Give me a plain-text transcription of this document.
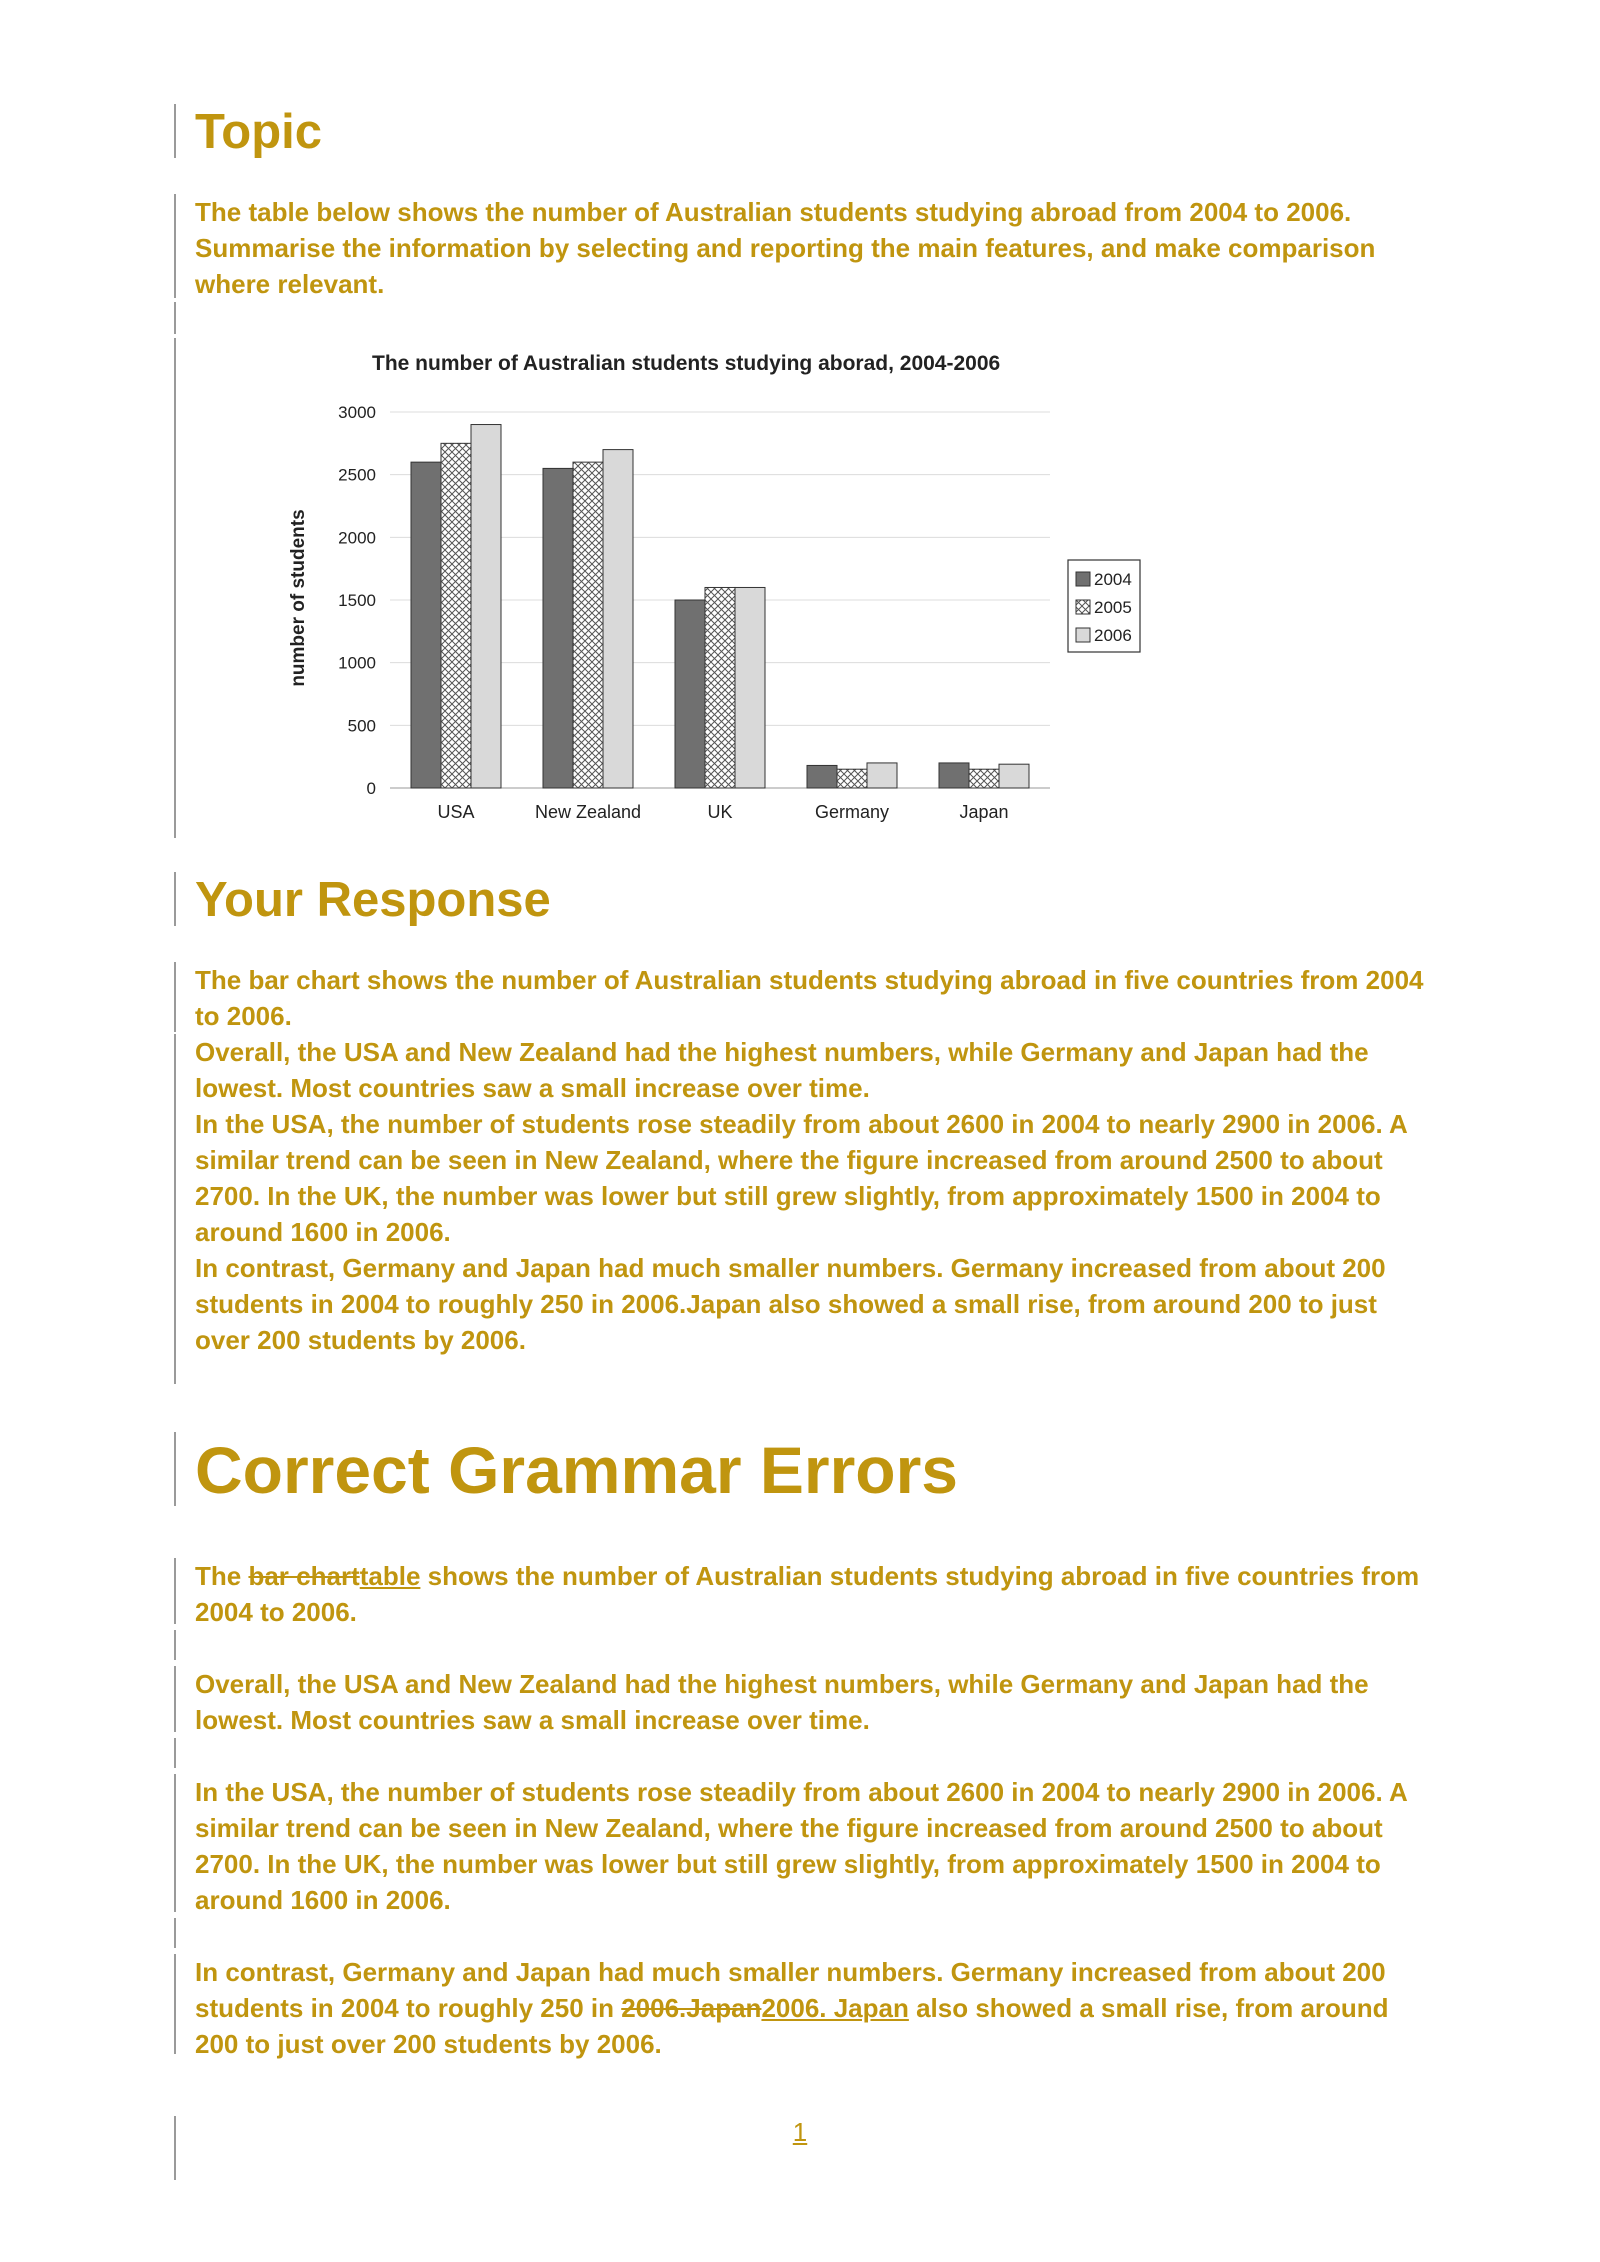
Topic

The table below shows the number of Australian students studying abroad from 2004 to 2006. Summarise the information by selecting and reporting the main features, and make comparison where relevant.

The number of Australian students studying aborad, 2004-2006
number of students
0
500
1000
1500
2000
2500
3000
USA	New Zealand	UK	Germany	Japan
2004
2005
2006
Your Response

The bar chart shows the number of Australian students studying abroad in five countries from 2004 to 2006.

Overall, the USA and New Zealand had the highest numbers, while Germany and Japan had the lowest. Most countries saw a small increase over time.

In the USA, the number of students rose steadily from about 2600 in 2004 to nearly 2900 in 2006. A similar trend can be seen in New Zealand, where the figure increased from around 2500 to about 2700. In the UK, the number was lower but still grew slightly, from approximately 1500 in 2004 to around 1600 in 2006.

In contrast, Germany and Japan had much smaller numbers. Germany increased from about 200 students in 2004 to roughly 250 in 2006.Japan also showed a small rise, from around 200 to just over 200 students by 2006.

Correct Grammar Errors

The bar charttable shows the number of Australian students studying abroad in five countries from 2004 to 2006.

Overall, the USA and New Zealand had the highest numbers, while Germany and Japan had the lowest. Most countries saw a small increase over time.

In the USA, the number of students rose steadily from about 2600 in 2004 to nearly 2900 in 2006. A similar trend can be seen in New Zealand, where the figure increased from around 2500 to about 2700. In the UK, the number was lower but still grew slightly, from approximately 1500 in 2004 to around 1600 in 2006.

In contrast, Germany and Japan had much smaller numbers. Germany increased from about 200 students in 2004 to roughly 250 in 2006.Japan2006. Japan also showed a small rise, from around 200 to just over 200 students by 2006.

1
